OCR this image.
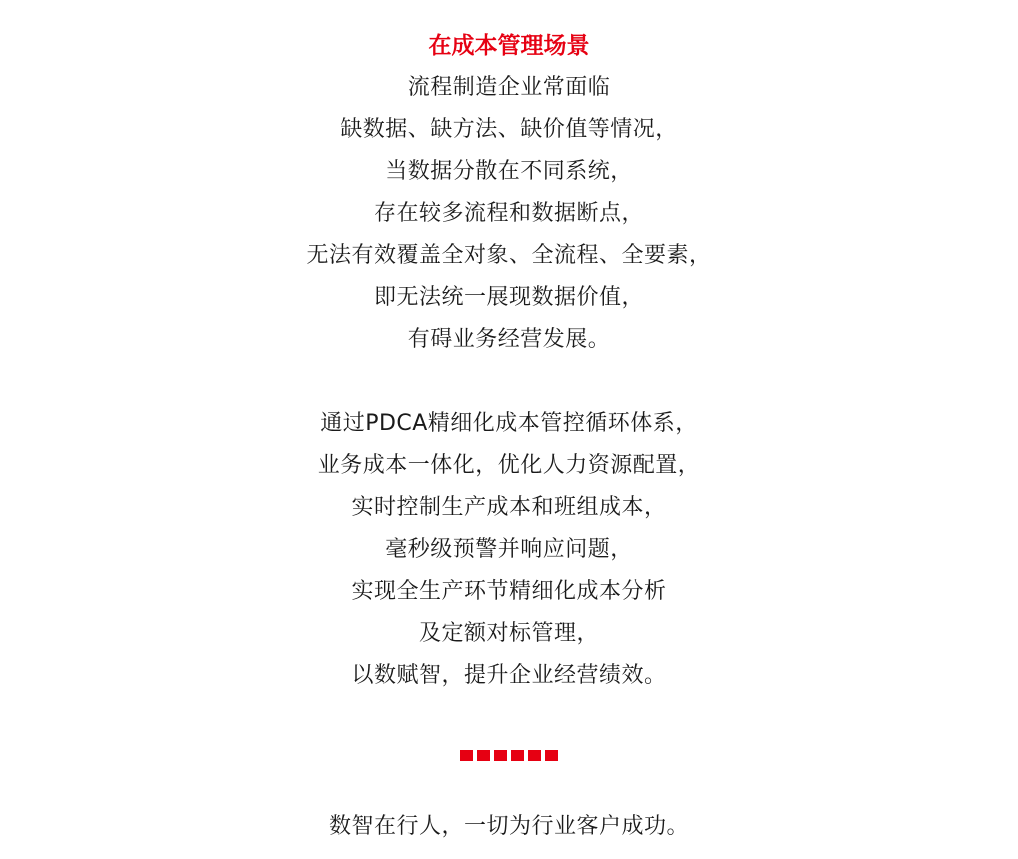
在成本管理场景
流程制造企业常面临
缺数据、缺方法、缺价值等情况，
当数据分散在不同系统，
存在较多流程和数据断点，
无法有效覆盖全对象、全流程、全要素，
即无法统一展现数据价值，
有碍业务经营发展。
通过PDCA精细化成本管控循环体系，
业务成本一体化，优化人力资源配置，
实时控制生产成本和班组成本，
毫秒级预警并响应问题，
实现全生产环节精细化成本分析
及定额对标管理，
以数赋智，提升企业经营绩效。
数智在行人，一切为行业客户成功。
